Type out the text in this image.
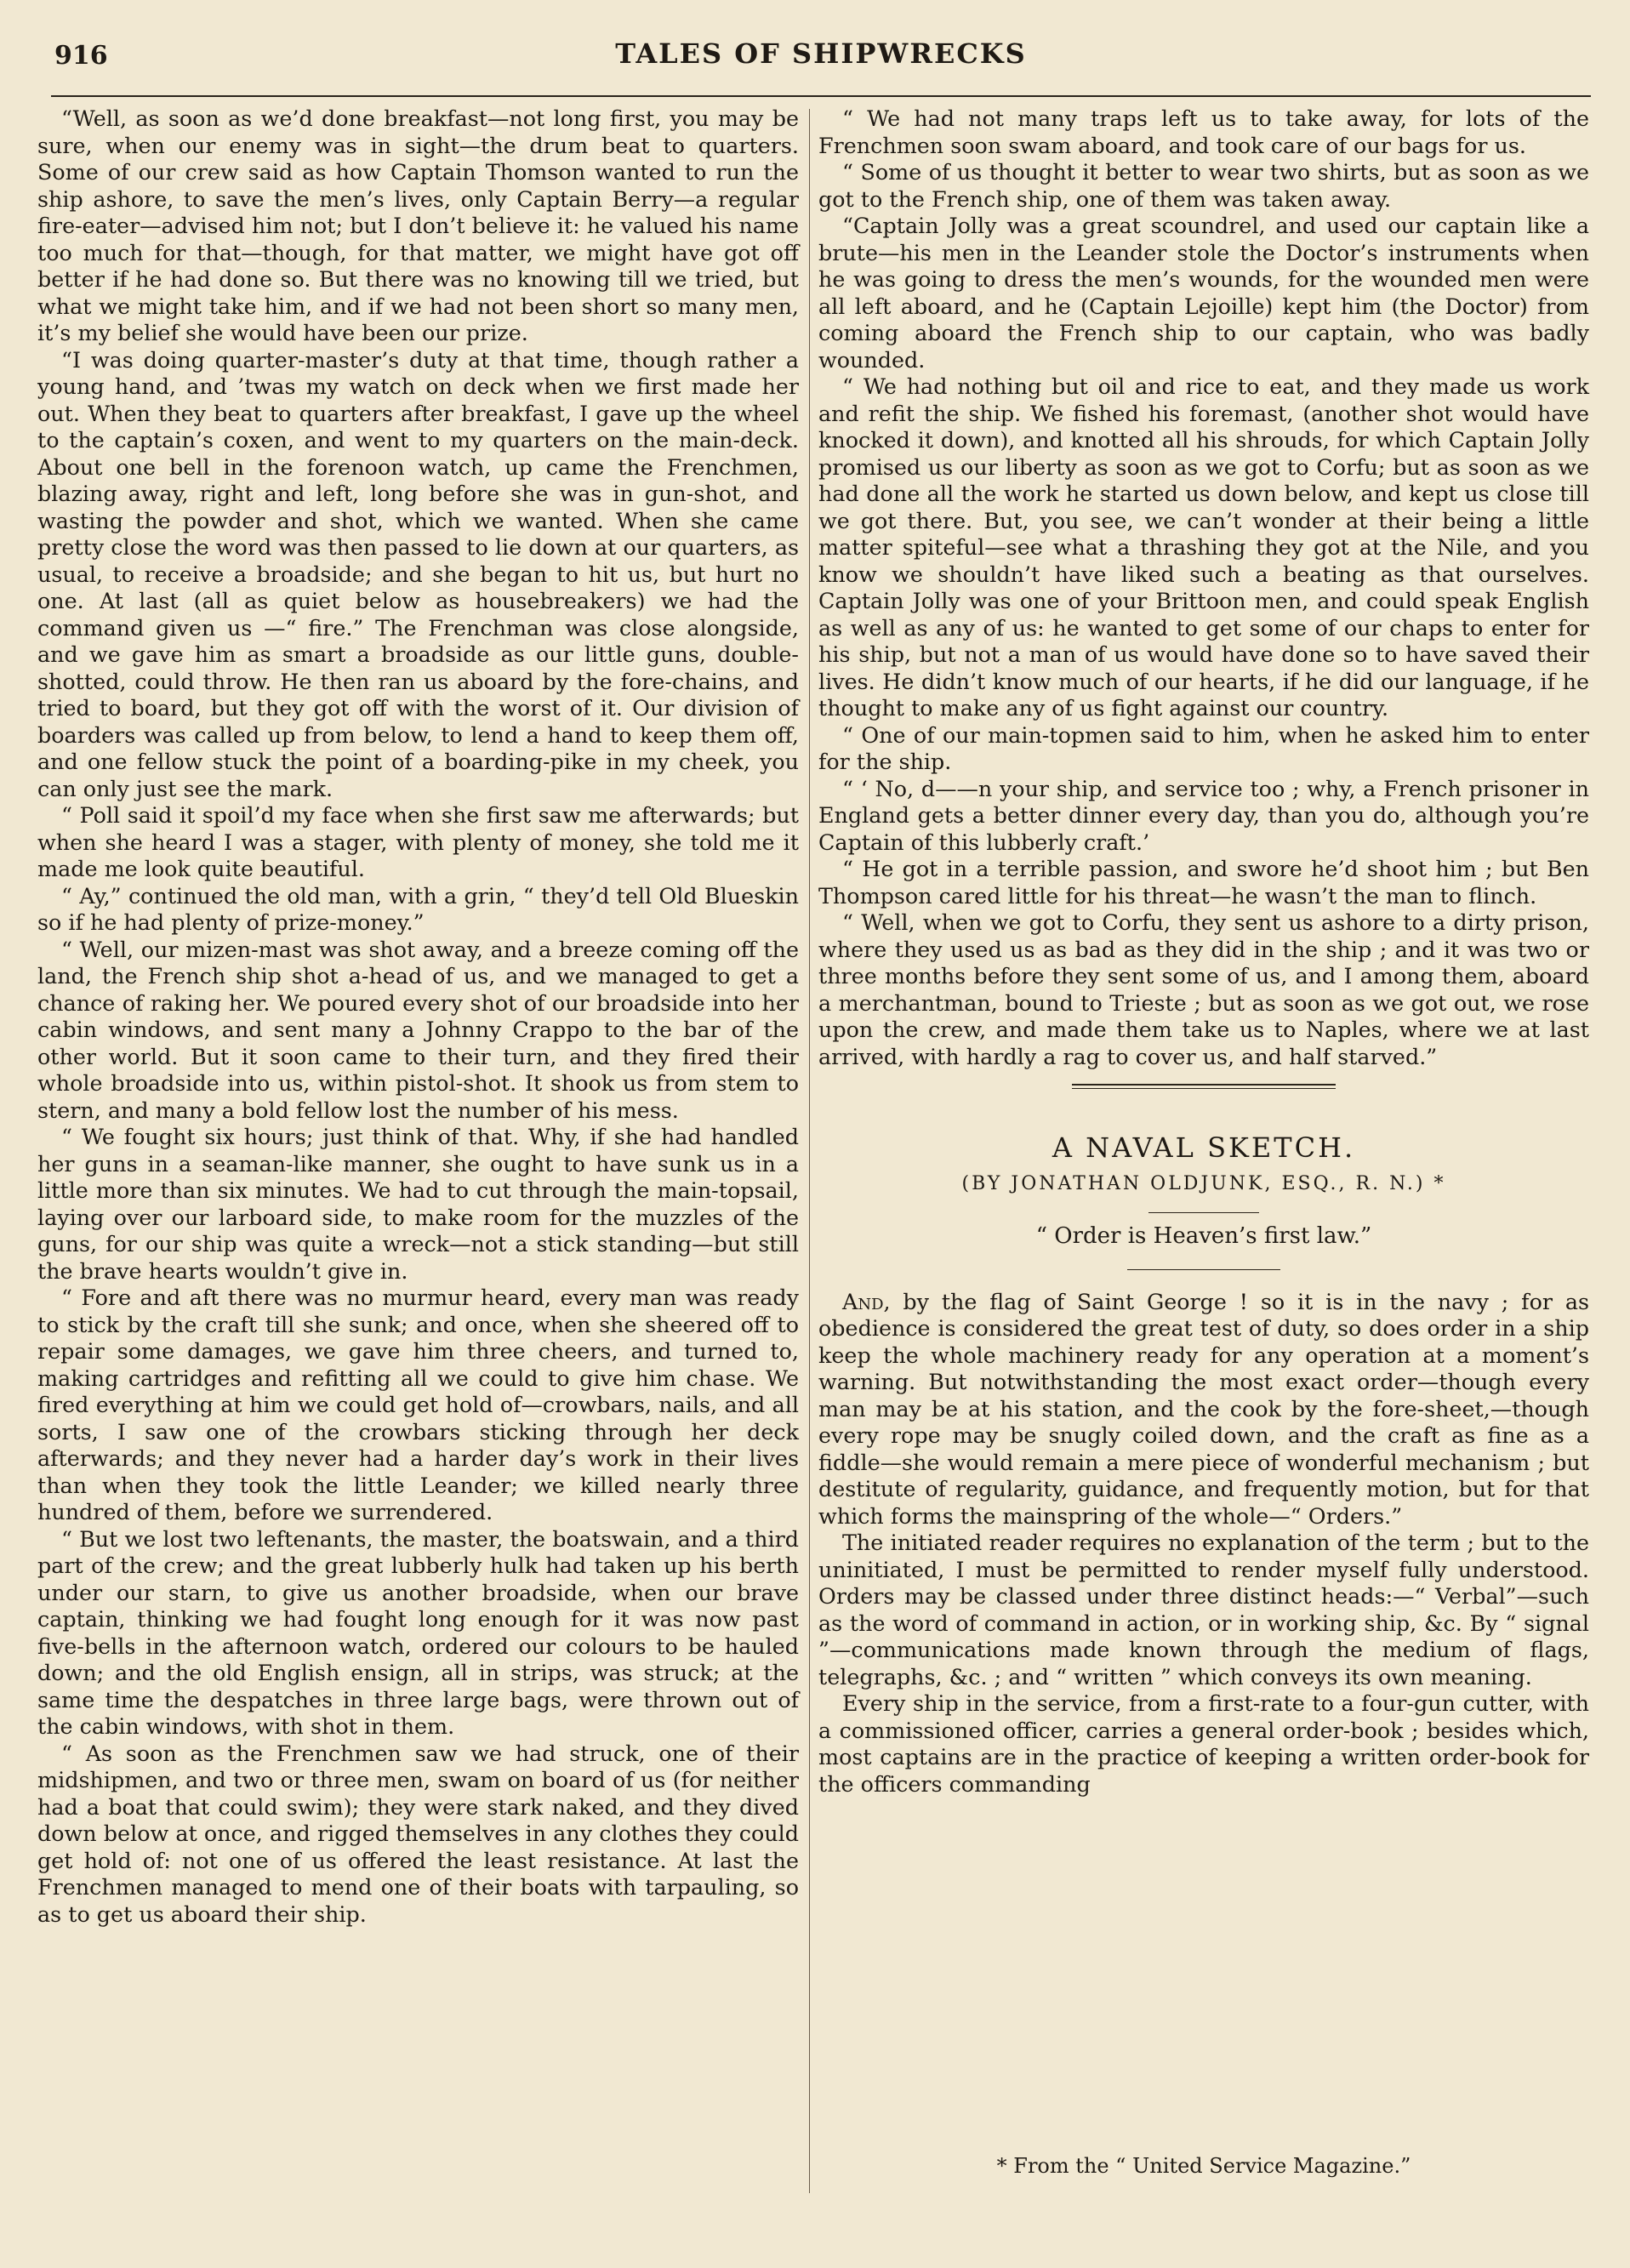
916	TALES OF SHIPWRECKS

“Well, as soon as we’d done breakfast—not long first, you may be sure, when our enemy was in sight—the drum beat to quarters. Some of our crew said as how Captain Thomson wanted to run the ship ashore, to save the men’s lives, only Captain Berry—a regular fire-eater—advised him not; but I don’t believe it: he valued his name too much for that—though, for that matter, we might have got off better if he had done so. But there was no knowing till we tried, but what we might take him, and if we had not been short so many men, it’s my belief she would have been our prize.

“I was doing quarter-master’s duty at that time, though rather a young hand, and ’twas my watch on deck when we first made her out. When they beat to quarters after breakfast, I gave up the wheel to the captain’s coxen, and went to my quarters on the main-deck. About one bell in the forenoon watch, up came the Frenchmen, blazing away, right and left, long before she was in gun-shot, and wasting the powder and shot, which we wanted. When she came pretty close the word was then passed to lie down at our quarters, as usual, to receive a broadside; and she began to hit us, but hurt no one. At last (all as quiet below as housebreakers) we had the command given us —“ fire.” The Frenchman was close alongside, and we gave him as smart a broadside as our little guns, double-shotted, could throw. He then ran us aboard by the fore-chains, and tried to board, but they got off with the worst of it. Our division of boarders was called up from below, to lend a hand to keep them off, and one fellow stuck the point of a boarding-pike in my cheek, you can only just see the mark.

“ Poll said it spoil’d my face when she first saw me afterwards; but when she heard I was a stager, with plenty of money, she told me it made me look quite beautiful.

“ Ay,” continued the old man, with a grin, “ they’d tell Old Blueskin so if he had plenty of prize-money.”

“ Well, our mizen-mast was shot away, and a breeze coming off the land, the French ship shot a-head of us, and we managed to get a chance of raking her. We poured every shot of our broadside into her cabin windows, and sent many a Johnny Crappo to the bar of the other world. But it soon came to their turn, and they fired their whole broadside into us, within pistol-shot. It shook us from stem to stern, and many a bold fellow lost the number of his mess.

“ We fought six hours; just think of that. Why, if she had handled her guns in a seaman-like manner, she ought to have sunk us in a little more than six minutes. We had to cut through the main-topsail, laying over our larboard side, to make room for the muzzles of the guns, for our ship was quite a wreck—not a stick standing—but still the brave hearts wouldn’t give in.

“ Fore and aft there was no murmur heard, every man was ready to stick by the craft till she sunk; and once, when she sheered off to repair some damages, we gave him three cheers, and turned to, making cartridges and refitting all we could to give him chase. We fired everything at him we could get hold of—crowbars, nails, and all sorts, I saw one of the crowbars sticking through her deck afterwards; and they never had a harder day’s work in their lives than when they took the little Leander; we killed nearly three hundred of them, before we surrendered.

“ But we lost two leftenants, the master, the boatswain, and a third part of the crew; and the great lubberly hulk had taken up his berth under our starn, to give us another broadside, when our brave captain, thinking we had fought long enough for it was now past five-bells in the afternoon watch, ordered our colours to be hauled down; and the old English ensign, all in strips, was struck; at the same time the despatches in three large bags, were thrown out of the cabin windows, with shot in them.

“ As soon as the Frenchmen saw we had struck, one of their midshipmen, and two or three men, swam on board of us (for neither had a boat that could swim); they were stark naked, and they dived down below at once, and rigged themselves in any clothes they could get hold of: not one of us offered the least resistance. At last the Frenchmen managed to mend one of their boats with tarpauling, so as to get us aboard their ship.

“ We had not many traps left us to take away, for lots of the Frenchmen soon swam aboard, and took care of our bags for us.

“ Some of us thought it better to wear two shirts, but as soon as we got to the French ship, one of them was taken away.

“Captain Jolly was a great scoundrel, and used our captain like a brute—his men in the Leander stole the Doctor’s instruments when he was going to dress the men’s wounds, for the wounded men were all left aboard, and he (Captain Lejoille) kept him (the Doctor) from coming aboard the French ship to our captain, who was badly wounded.

“ We had nothing but oil and rice to eat, and they made us work and refit the ship. We fished his foremast, (another shot would have knocked it down), and knotted all his shrouds, for which Captain Jolly promised us our liberty as soon as we got to Corfu; but as soon as we had done all the work he started us down below, and kept us close till we got there. But, you see, we can’t wonder at their being a little matter spiteful—see what a thrashing they got at the Nile, and you know we shouldn’t have liked such a beating as that ourselves. Captain Jolly was one of your Brittoon men, and could speak English as well as any of us: he wanted to get some of our chaps to enter for his ship, but not a man of us would have done so to have saved their lives. He didn’t know much of our hearts, if he did our language, if he thought to make any of us fight against our country.

“ One of our main-topmen said to him, when he asked him to enter for the ship.

“ ‘ No, d——n your ship, and service too ; why, a French prisoner in England gets a better dinner every day, than you do, although you’re Captain of this lubberly craft.’

“ He got in a terrible passion, and swore he’d shoot him ; but Ben Thompson cared little for his threat—he wasn’t the man to flinch.

“ Well, when we got to Corfu, they sent us ashore to a dirty prison, where they used us as bad as they did in the ship ; and it was two or three months before they sent some of us, and I among them, aboard a merchantman, bound to Trieste ; but as soon as we got out, we rose upon the crew, and made them take us to Naples, where we at last arrived, with hardly a rag to cover us, and half starved.”

A NAVAL SKETCH.
(BY JONATHAN OLDJUNK, ESQ., R. N.) *
“ Order is Heaven’s first law.”

And, by the flag of Saint George ! so it is in the navy ; for as obedience is considered the great test of duty, so does order in a ship keep the whole machinery ready for any operation at a moment’s warning. But notwithstanding the most exact order—though every man may be at his station, and the cook by the fore-sheet,—though every rope may be snugly coiled down, and the craft as fine as a fiddle—she would remain a mere piece of wonderful mechanism ; but destitute of regularity, guidance, and frequently motion, but for that which forms the mainspring of the whole—“ Orders.”

The initiated reader requires no explanation of the term ; but to the uninitiated, I must be permitted to render myself fully understood. Orders may be classed under three distinct heads:—“ Verbal”—such as the word of command in action, or in working ship, &c. By “ signal ”—communications made known through the medium of flags, telegraphs, &c. ; and “ written ” which conveys its own meaning.

Every ship in the service, from a first-rate to a four-gun cutter, with a commissioned officer, carries a general order-book ; besides which, most captains are in the practice of keeping a written order-book for the officers commanding

* From the “ United Service Magazine.”
